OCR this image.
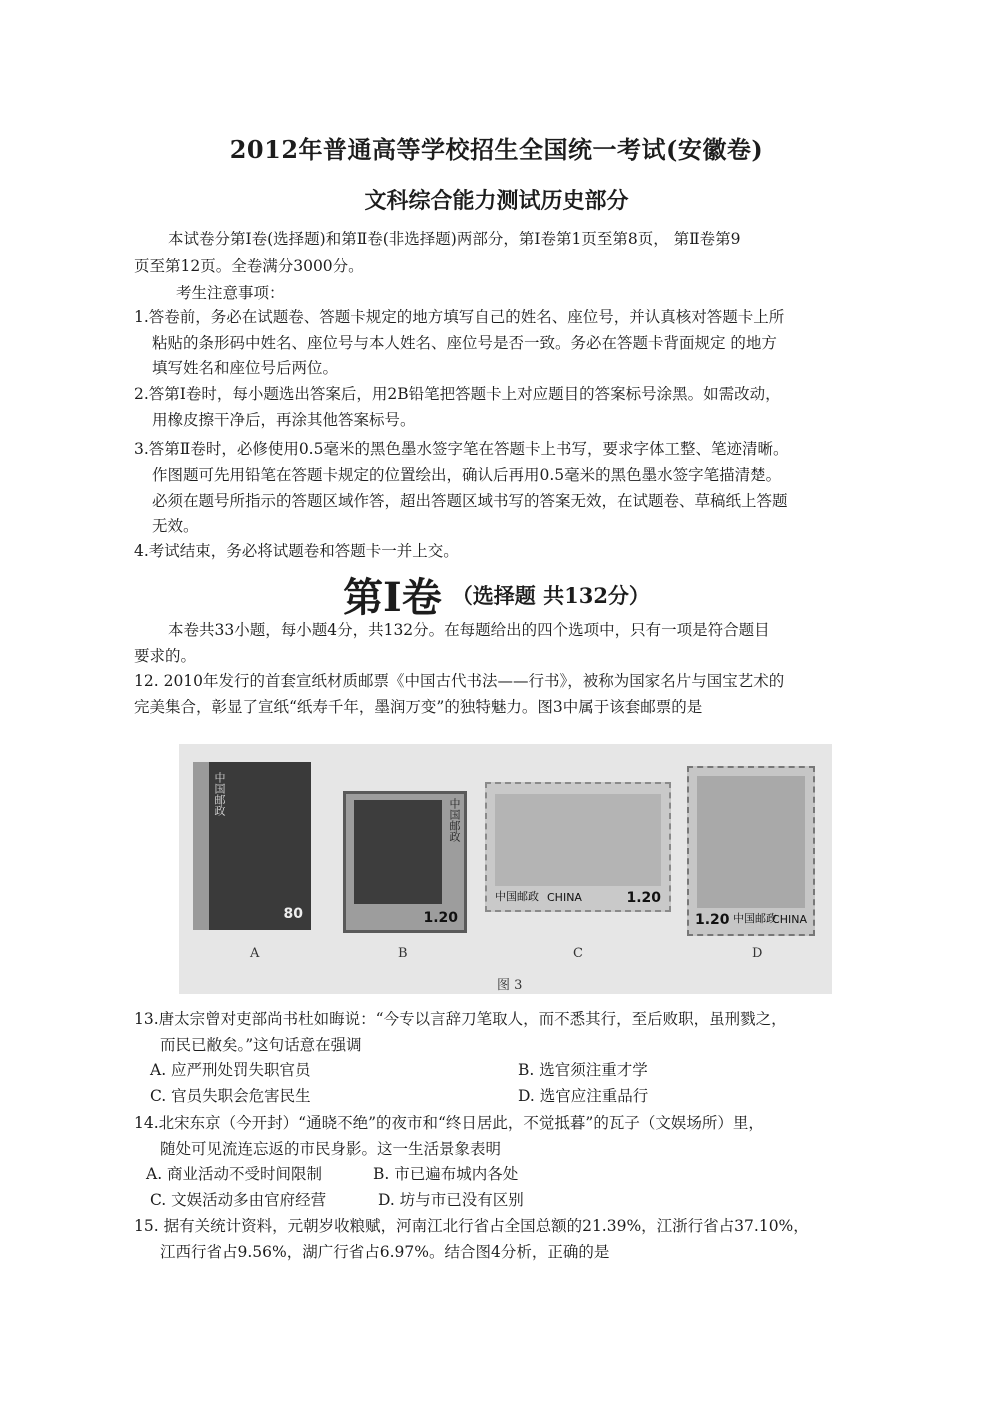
2012年普通高等学校招生全国统一考试(安徽卷)
文科综合能力测试历史部分
本试卷分第Ⅰ卷(选择题)和第Ⅱ卷(非选择题)两部分，第Ⅰ卷第1页至第8页， 第Ⅱ卷第9
页至第12页。全卷满分3000分。
考生注意事项：
1.答卷前，务必在试题卷、答题卡规定的地方填写自己的姓名、座位号，并认真核对答题卡上所
粘贴的条形码中姓名、座位号与本人姓名、座位号是否一致。务必在答题卡背面规定 的地方
填写姓名和座位号后两位。
2.答第Ⅰ卷时，每小题选出答案后，用2B铅笔把答题卡上对应题目的答案标号涂黑。如需改动，
用橡皮擦干净后，再涂其他答案标号。
3.答第Ⅱ卷时，必修使用0.5毫米的黑色墨水签字笔在答题卡上书写，要求字体工整、笔迹清晰。
作图题可先用铅笔在答题卡规定的位置绘出，确认后再用0.5毫米的黑色墨水签字笔描清楚。
必须在题号所指示的答题区域作答，超出答题区域书写的答案无效，在试题卷、草稿纸上答题
无效。
4.考试结束，务必将试题卷和答题卡一并上交。
第Ⅰ卷 （选择题 共132分）
本卷共33小题，每小题4分，共132分。在每题给出的四个选项中，只有一项是符合题目
要求的。
12. 2010年发行的首套宣纸材质邮票《中国古代书法——行书》，被称为国家名片与国宝艺术的
完美集合，彰显了宣纸“纸寿千年，墨润万变”的独特魅力。图3中属于该套邮票的是
中国邮政
80
中国邮政
1.20
中国邮政 CHINA	1.20
1.20 中国邮政
CHINA
A	B	C	D
图 3
13.唐太宗曾对吏部尚书杜如晦说：“今专以言辞刀笔取人，而不悉其行，至后败职，虽刑戮之，
而民已敝矣。”这句话意在强调
A. 应严刑处罚失职官员	B. 选官须注重才学
C. 官员失职会危害民生	D. 选官应注重品行
14.北宋东京（今开封）“通晓不绝”的夜市和“终日居此，不觉抵暮”的瓦子（文娱场所）里，
随处可见流连忘返的市民身影。这一生活景象表明
A. 商业活动不受时间限制	B. 市已遍布城内各处
C. 文娱活动多由官府经营	D. 坊与市已没有区别
15. 据有关统计资料，元朝岁收粮赋，河南江北行省占全国总额的21.39%，江浙行省占37.10%，
江西行省占9.56%，湖广行省占6.97%。结合图4分析，正确的是
